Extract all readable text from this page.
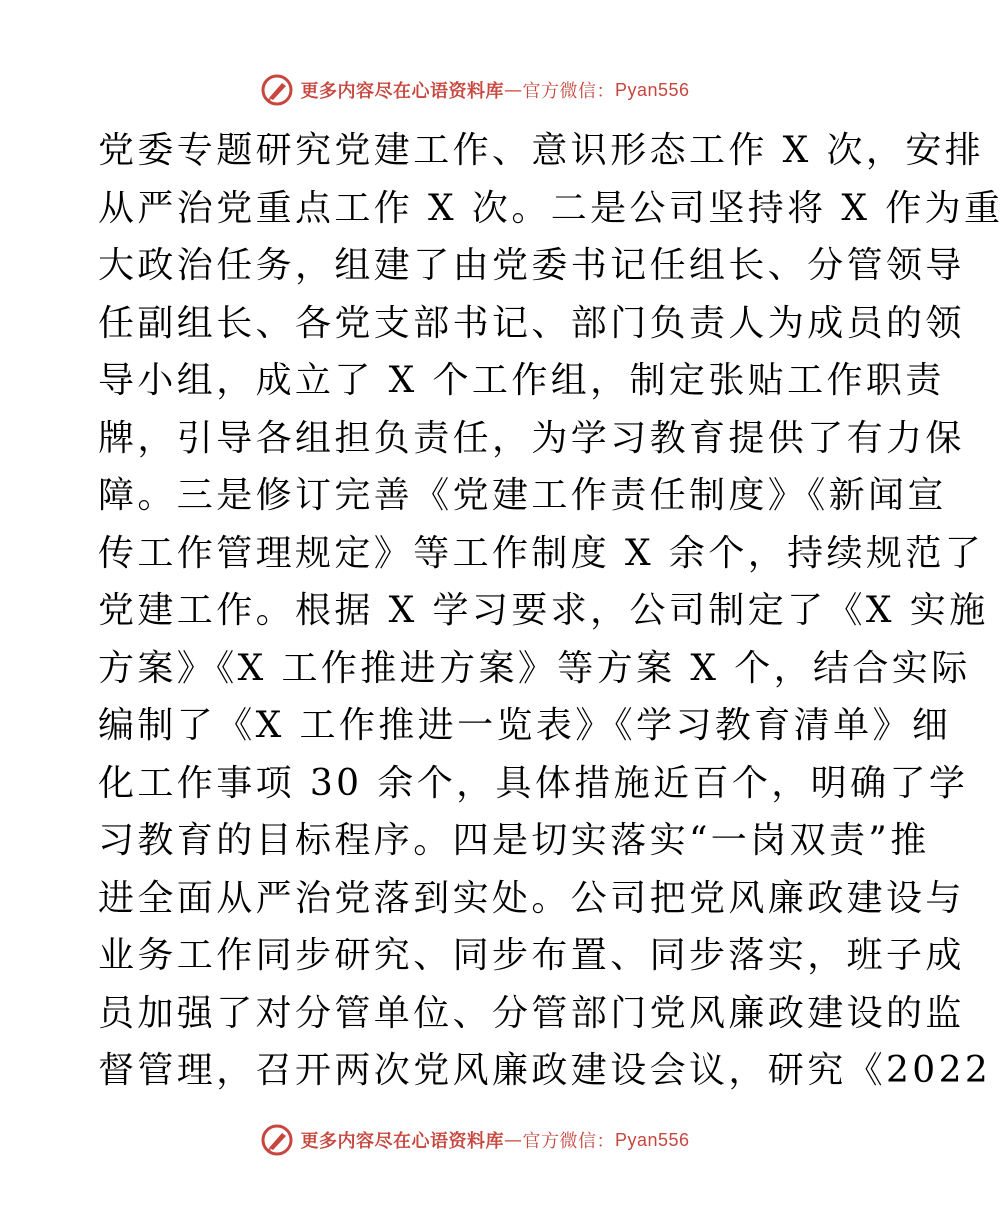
更多内容尽在心语资料库 — 官方微信： Pyan556
党委专题研究党建工作、意识形态工作 X 次，安排
从严治党重点工作 X 次。二是公司坚持将 X 作为重
大政治任务，组建了由党委书记任组长、分管领导
任副组长、各党支部书记、部门负责人为成员的领
导小组，成立了 X 个工作组，制定张贴工作职责
牌，引导各组担负责任，为学习教育提供了有力保
障。三是修订完善《党建工作责任制度》《新闻宣
传工作管理规定》等工作制度 X 余个，持续规范了
党建工作。根据 X 学习要求，公司制定了《X 实施
方案》《X 工作推进方案》等方案 X 个，结合实际
编制了《X 工作推进一览表》《学习教育清单》细
化工作事项 30 余个，具体措施近百个，明确了学
习教育的目标程序。四是切实落实“一岗双责”推
进全面从严治党落到实处。公司把党风廉政建设与
业务工作同步研究、同步布置、同步落实，班子成
员加强了对分管单位、分管部门党风廉政建设的监
督管理，召开两次党风廉政建设会议，研究《2022
更多内容尽在心语资料库 — 官方微信： Pyan556
